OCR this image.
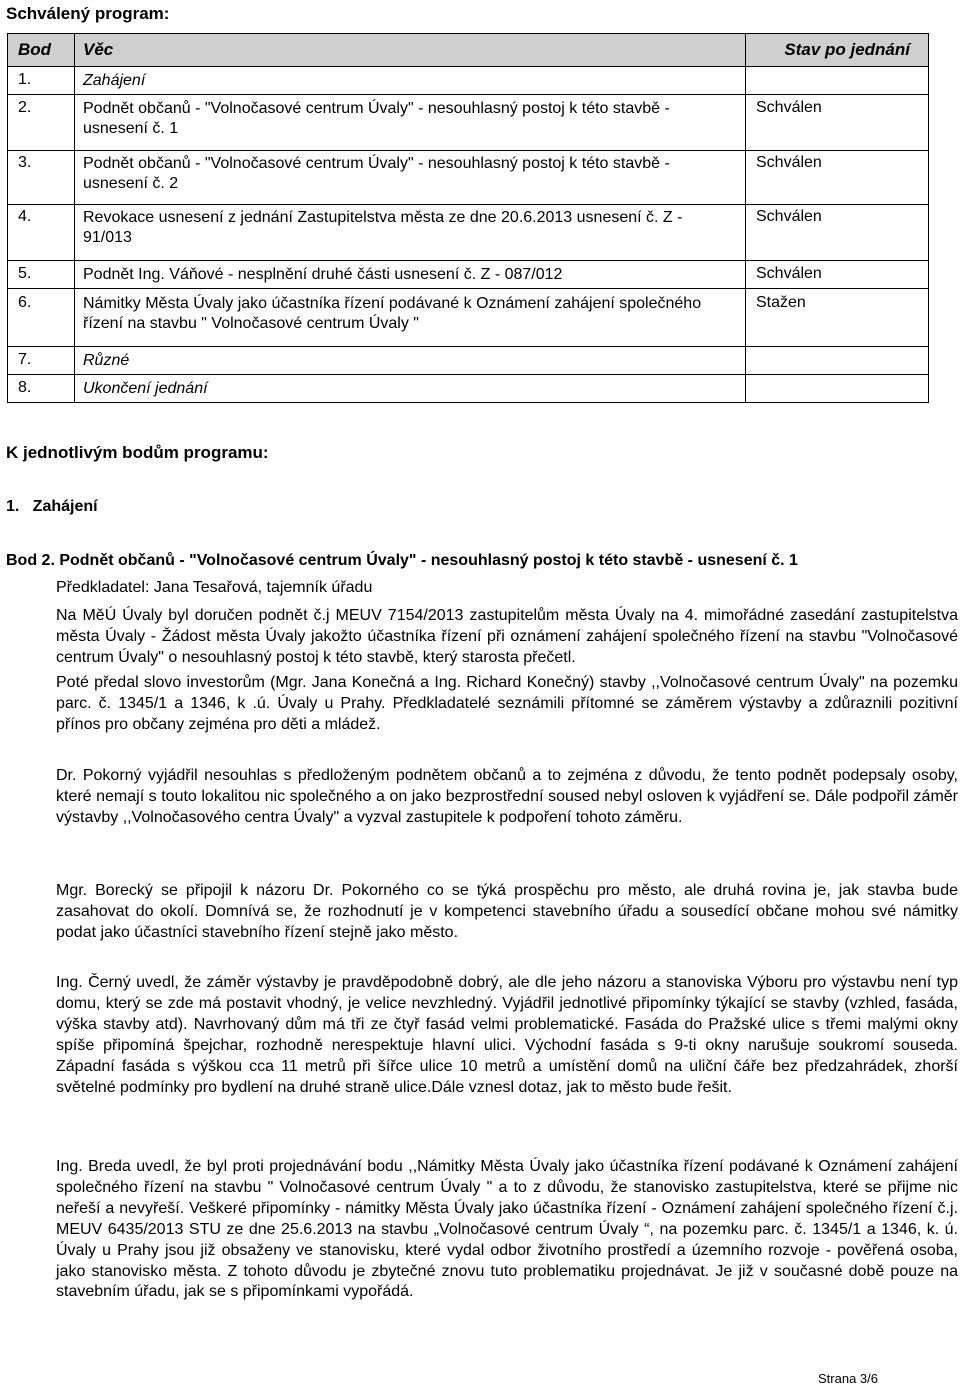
Schválený program:
Bod	Věc	Stav po jednání
1.	Zahájení	
2.	Podnět občanů - "Volnočasové centrum Úvaly" - nesouhlasný postoj k této stavbě - usnesení č. 1	Schválen
3.	Podnět občanů - "Volnočasové centrum Úvaly" - nesouhlasný postoj k této stavbě - usnesení č. 2	Schválen
4.	Revokace usnesení z jednání Zastupitelstva města ze dne 20.6.2013 usnesení č. Z - 91/013	Schválen
5.	Podnět Ing. Váňové - nesplnění druhé části usnesení č. Z - 087/012	Schválen
6.	Námitky Města Úvaly jako účastníka řízení podávané k Oznámení zahájení společného řízení na stavbu " Volnočasové centrum Úvaly "	Stažen
7.	Různé	
8.	Ukončení jednání	
K jednotlivým bodům programu:
1.   Zahájení
Bod 2. Podnět občanů - "Volnočasové centrum Úvaly" - nesouhlasný postoj k této stavbě - usnesení č. 1

Předkladatel: Jana Tesařová, tajemník úřadu

Na MěÚ Úvaly byl doručen podnět č.j MEUV 7154/2013 zastupitelům města Úvaly na 4. mimořádné zasedání zastupitelstva města Úvaly - Žádost města Úvaly jakožto účastníka řízení při oznámení zahájení společného řízení na stavbu "Volnočasové centrum Úvaly" o nesouhlasný postoj k této stavbě, který starosta přečetl.

Poté předal slovo investorům (Mgr. Jana Konečná a Ing. Richard Konečný) stavby ,,Volnočasové centrum Úvaly" na pozemku parc. č. 1345/1 a 1346, k .ú. Úvaly u Prahy. Předkladatelé seznámili přítomné se záměrem výstavby a zdůraznili pozitivní přínos pro občany zejména pro děti a mládež.

Dr. Pokorný vyjádřil nesouhlas s předloženým podnětem občanů a to zejména z důvodu, že tento podnět podepsaly osoby, které nemají s touto lokalitou nic společného a on jako bezprostřední soused nebyl osloven k vyjádření se. Dále podpořil záměr výstavby ,,Volnočasového centra Úvaly" a vyzval zastupitele k podpoření tohoto záměru.

Mgr. Borecký se připojil k názoru Dr. Pokorného co se týká prospěchu pro město, ale druhá rovina je, jak stavba bude zasahovat do okolí. Domnívá se, že rozhodnutí je v kompetenci stavebního úřadu a sousedící občane mohou své námitky podat jako účastníci stavebního řízení stejně jako město.

Ing. Černý uvedl, že záměr výstavby je pravděpodobně dobrý, ale dle jeho názoru a stanoviska Výboru pro výstavbu není typ domu, který se zde má postavit vhodný, je velice nevzhledný. Vyjádřil jednotlivé připomínky týkající se stavby (vzhled, fasáda, výška stavby atd). Navrhovaný dům má tři ze čtyř fasád velmi problematické. Fasáda do Pražské ulice s třemi malými okny spíše připomíná špejchar, rozhodně nerespektuje hlavní ulici. Východní fasáda s 9-ti okny narušuje soukromí souseda. Západní fasáda s výškou cca 11 metrů při šířce ulice 10 metrů a umístění domů na uliční čáře bez předzahrádek, zhorší světelné podmínky pro bydlení na druhé straně ulice.Dále vznesl dotaz, jak to město bude řešit.

Ing. Breda uvedl, že byl proti projednávání bodu ,,Námitky Města Úvaly jako účastníka řízení podávané k Oznámení zahájení společného řízení na stavbu " Volnočasové centrum Úvaly " a to z důvodu, že stanovisko zastupitelstva, které se přijme nic neřeší a nevyřeší. Veškeré připomínky - námitky Města Úvaly jako účastníka řízení - Oznámení zahájení společného řízení č.j. MEUV 6435/2013 STU ze dne 25.6.2013 na stavbu „Volnočasové centrum Úvaly “, na pozemku parc. č. 1345/1 a 1346, k. ú. Úvaly u Prahy jsou již obsaženy ve stanovisku, které vydal odbor životního prostředí a územního rozvoje - pověřená osoba, jako stanovisko města. Z tohoto důvodu je zbytečné znovu tuto problematiku projednávat. Je již v současné době pouze na stavebním úřadu, jak se s připomínkami vypořádá.

Strana 3/6
